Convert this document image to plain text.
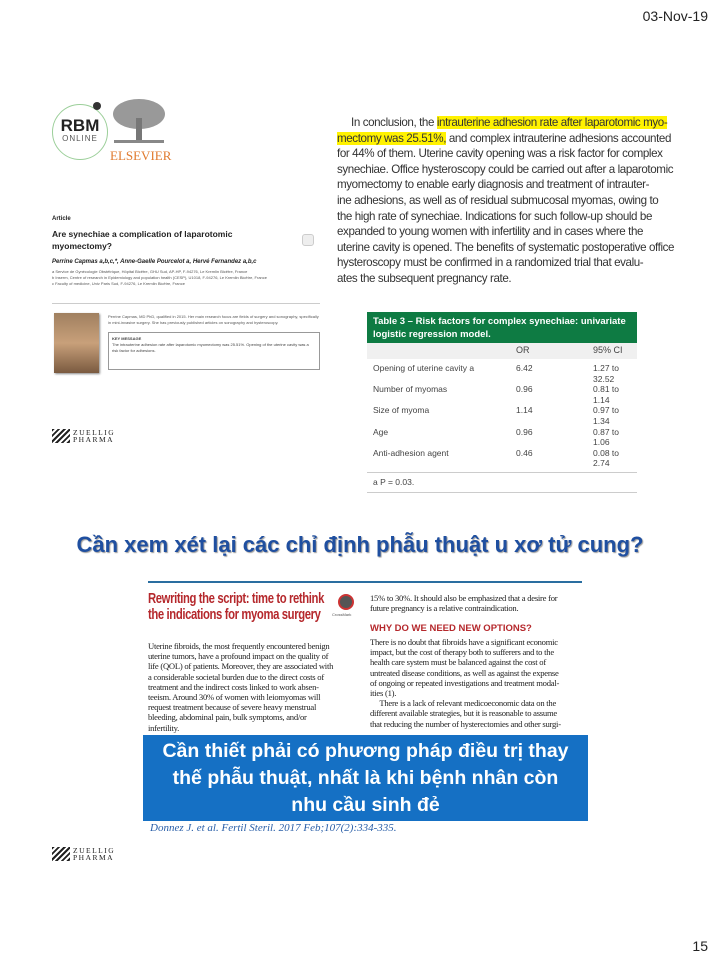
03-Nov-19
RBM
ONLINE
ELSEVIER
Article
Are synechiae a complication of laparotomic myomectomy?
Perrine Capmas a,b,c,*, Anne-Gaelle Pourcelot a, Hervé Fernandez a,b,c
a Service de Gynécologie Obstétrique, Hôpital Bicêtre, GHU Sud, AP-HP, F-94276, Le Kremlin Bicêtre, France
b Inserm, Centre of research in Epidemiology and population health (CESP), U1018, F-94276, Le Kremlin Bicêtre, France
c Faculty of medicine, Univ Paris Sud, F-94276, Le Kremlin Bicêtre, France
Perrine Capmas, MD PhD, qualified in 2015. Her main research focus are fields of surgery and sonography, specifically in mini-invasive surgery. She has previously published articles on sonography and hysteroscopy.
KEY MESSAGE
The intrauterine adhesion rate after laparotomic myomectomy was 25.51%. Opening of the uterine cavity was a risk factor for adhesions.
In conclusion, the intrauterine adhesion rate after laparotomic myo-
mectomy was 25.51%, and complex intrauterine adhesions accounted
for 44% of them. Uterine cavity opening was a risk factor for complex
synechiae. Office hysteroscopy could be carried out after a laparotomic
myomectomy to enable early diagnosis and treatment of intrauter-
ine adhesions, as well as of residual submucosal myomas, owing to
the high rate of synechiae. Indications for such follow-up should be
expanded to young women with infertility and in cases where the
uterine cavity is opened. The benefits of systematic postoperative office
hysteroscopy must be confirmed in a randomized trial that evalu-
ates the subsequent pregnancy rate.
Table 3 – Risk factors for complex synechiae: univariate logistic regression model.
OR	95% CI
Opening of uterine cavity a	6.42	1.27 to 32.52
Number of myomas	0.96	0.81 to 1.14
Size of myoma	1.14	0.97 to 1.34
Age	0.96	0.87 to 1.06
Anti-adhesion agent	0.46	0.08 to 2.74
a P = 0.03.
ZUELLIG
PHARMA
Cần xem xét lại các chỉ định phẫu thuật u xơ tử cung?
Rewriting the script: time to rethink the indications for myoma surgery	CrossMark
Uterine fibroids, the most frequently encountered benign
uterine tumors, have a profound impact on the quality of
life (QOL) of patients. Moreover, they are associated with
a considerable societal burden due to the direct costs of
treatment and the indirect costs linked to work absen-
teeism. Around 30% of women with leiomyomas will
request treatment because of severe heavy menstrual
bleeding, abdominal pain, bulk symptoms, and/or
infertility.
15% to 30%. It should also be emphasized that a desire for
future pregnancy is a relative contraindication.
WHY DO WE NEED NEW OPTIONS?
There is no doubt that fibroids have a significant economic
impact, but the cost of therapy both to sufferers and to the
health care system must be balanced against the cost of
untreated disease conditions, as well as against the expense
of ongoing or repeated investigations and treatment modal-
ities (1).
There is a lack of relevant medicoeconomic data on the
different available strategies, but it is reasonable to assume
that reducing the number of hysterectomies and other surgi-
Cần thiết phải có phương pháp điều trị thay
thế phẫu thuật, nhất là khi bệnh nhân còn
nhu cầu sinh đẻ
Donnez J. et al. Fertil Steril. 2017 Feb;107(2):334-335.
ZUELLIG
PHARMA
15
